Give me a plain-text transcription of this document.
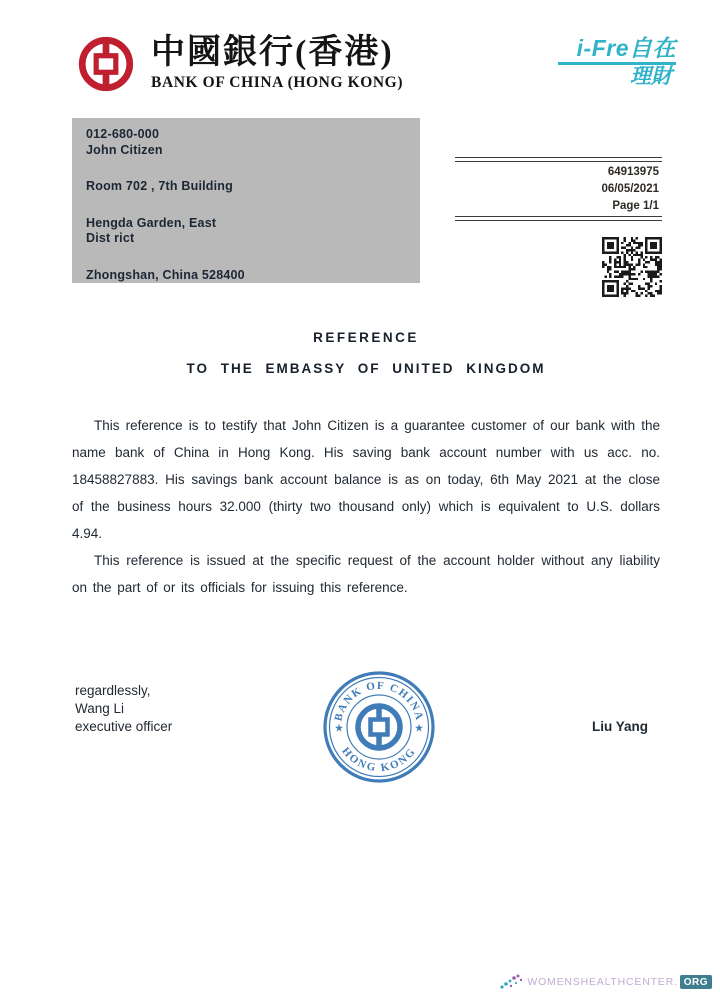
中國銀行(香港)
BANK OF CHINA (HONG KONG)
i-Fre自在
理財
012-680-000
John Citizen
Room 702 , 7th Building
Hengda Garden, East
Dist rict
Zhongshan, China 528400
64913975
06/05/2021
Page 1/1
REFERENCE
TO THE EMBASSY OF UNITED KINGDOM

This reference is to testify that John Citizen is a guarantee customer of our bank with the name bank of China in Hong Kong. His saving bank account number with us acc. no. 18458827883. His savings bank account balance is as on today, 6th May 2021 at the close of the business hours 32.000 (thirty two thousand only) which is equivalent to U.S. dollars 4.94.

This reference is issued at the specific request of the account holder without any liability on the part of or its officials for issuing this reference.

regardlessly,
Wang Li
executive officer
BANK OF CHINA
HONG KONG
★	★	Liu Yang
WOMENSHEALTHCENTER. ORG
